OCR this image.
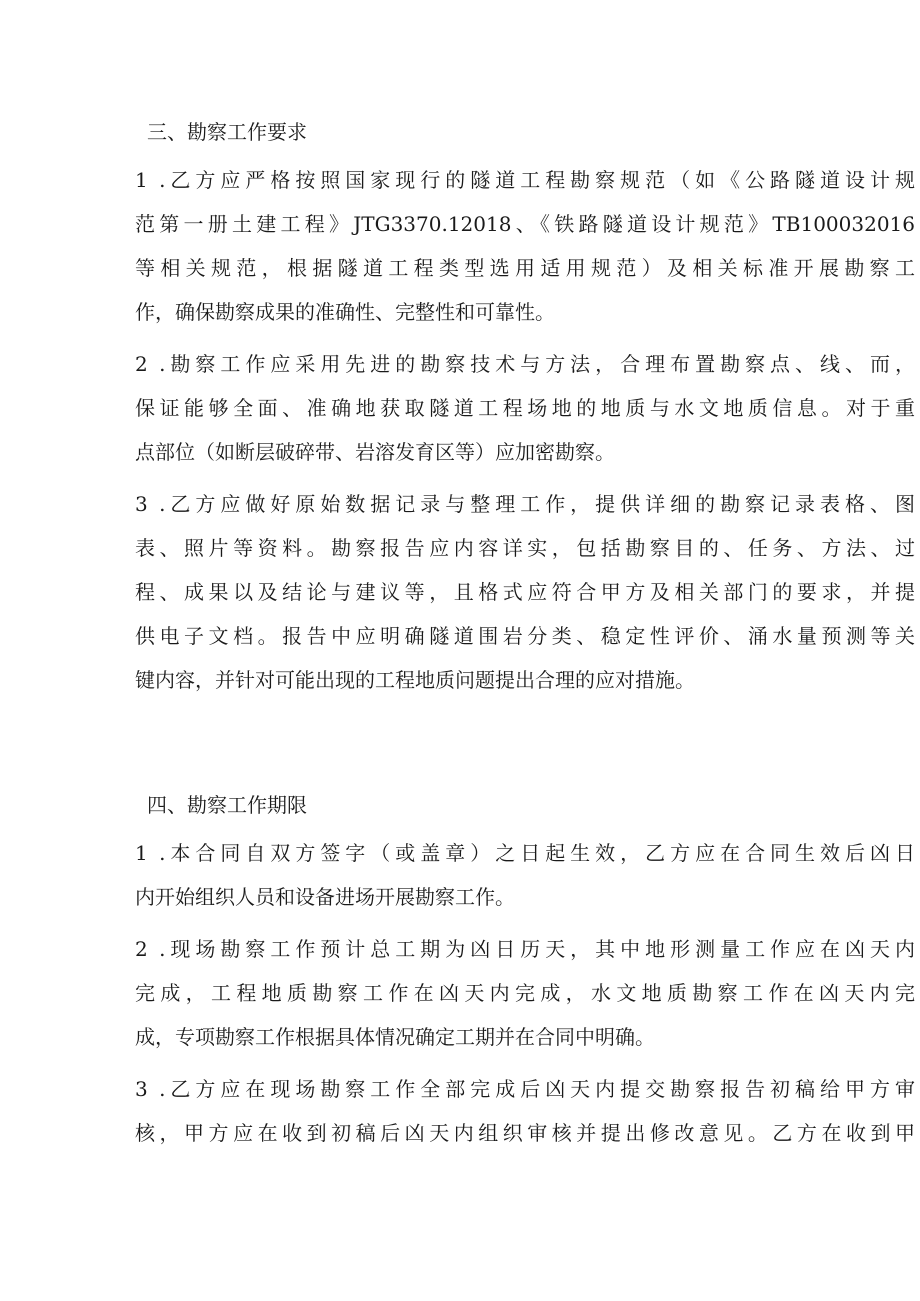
三、勘察工作要求
1 .乙方应严格按照国家现行的隧道工程勘察规范（如《公路隧道设计规
范第一册土建工程》JTG3370.12018、《铁路隧道设计规范》TB100032016
等相关规范，根据隧道工程类型选用适用规范）及相关标准开展勘察工
作，确保勘察成果的准确性、完整性和可靠性。
2 .勘察工作应采用先进的勘察技术与方法，合理布置勘察点、线、而，
保证能够全面、准确地获取隧道工程场地的地质与水文地质信息。对于重
点部位（如断层破碎带、岩溶发育区等）应加密勘察。
3 .乙方应做好原始数据记录与整理工作，提供详细的勘察记录表格、图
表、照片等资料。勘察报告应内容详实，包括勘察目的、任务、方法、过
程、成果以及结论与建议等，且格式应符合甲方及相关部门的要求，并提
供电子文档。报告中应明确隧道围岩分类、稳定性评价、涌水量预测等关
键内容，并针对可能出现的工程地质问题提出合理的应对措施。
四、勘察工作期限
1 .本合同自双方签字（或盖章）之日起生效，乙方应在合同生效后凶日
内开始组织人员和设备进场开展勘察工作。
2 .现场勘察工作预计总工期为凶日历天，其中地形测量工作应在凶天内
完成，工程地质勘察工作在凶天内完成，水文地质勘察工作在凶天内完
成，专项勘察工作根据具体情况确定工期并在合同中明确。
3 .乙方应在现场勘察工作全部完成后凶天内提交勘察报告初稿给甲方审
核，甲方应在收到初稿后凶天内组织审核并提出修改意见。乙方在收到甲
